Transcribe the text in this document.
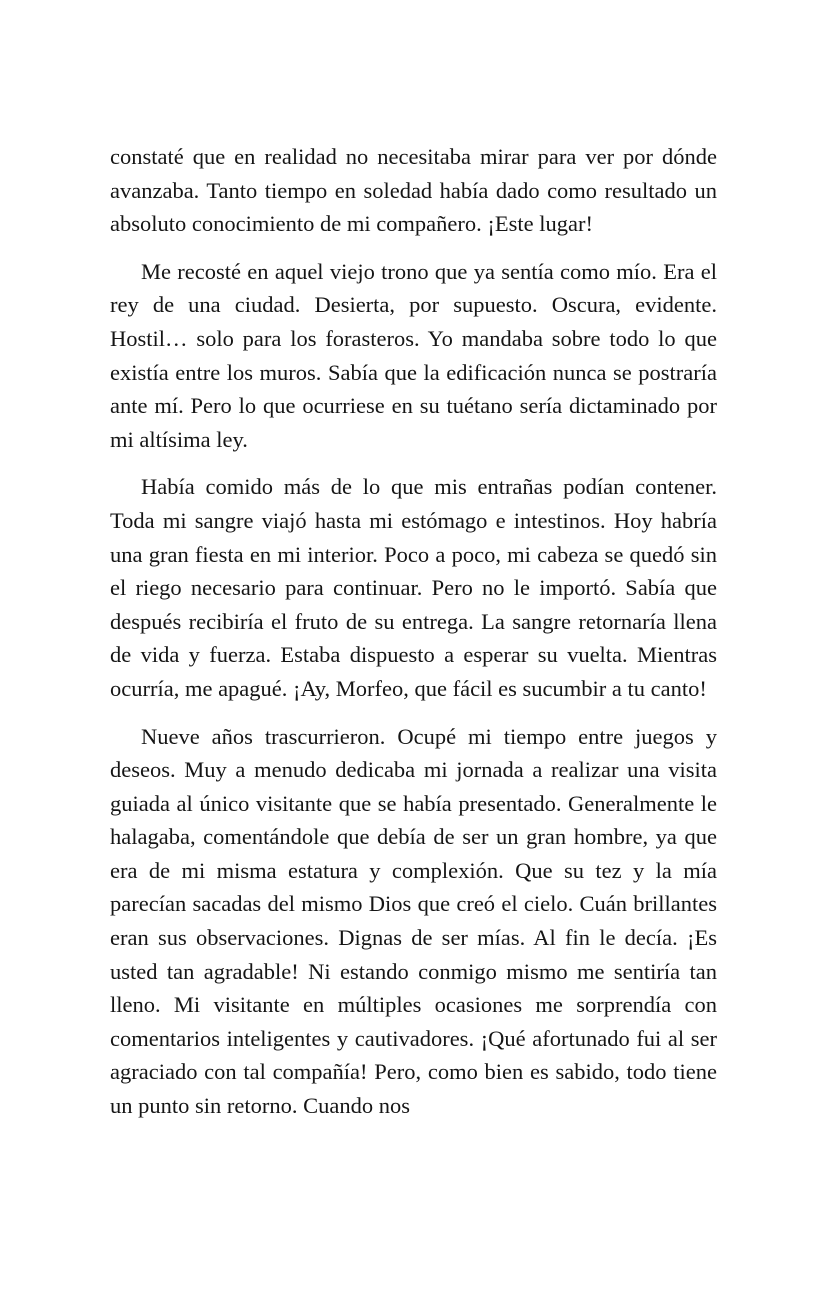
constaté que en realidad no necesitaba mirar para ver por dónde avanzaba. Tanto tiempo en soledad había dado como resultado un absoluto conocimiento de mi compañero. ¡Este lugar!

Me recosté en aquel viejo trono que ya sentía como mío. Era el rey de una ciudad. Desierta, por supuesto. Oscura, evidente. Hostil… solo para los forasteros. Yo mandaba sobre todo lo que existía entre los muros. Sabía que la edificación nunca se postraría ante mí. Pero lo que ocurriese en su tuétano sería dictaminado por mi altísima ley.

Había comido más de lo que mis entrañas podían contener. Toda mi sangre viajó hasta mi estómago e intestinos. Hoy habría una gran fiesta en mi interior. Poco a poco, mi cabeza se quedó sin el riego necesario para continuar. Pero no le importó. Sabía que después recibiría el fruto de su entrega. La sangre retornaría llena de vida y fuerza. Estaba dispuesto a esperar su vuelta. Mientras ocurría, me apagué. ¡Ay, Morfeo, que fácil es sucumbir a tu canto!

Nueve años trascurrieron. Ocupé mi tiempo entre juegos y deseos. Muy a menudo dedicaba mi jornada a realizar una visita guiada al único visitante que se había presentado. Generalmente le halagaba, comentándole que debía de ser un gran hombre, ya que era de mi misma estatura y complexión. Que su tez y la mía parecían sacadas del mismo Dios que creó el cielo. Cuán brillantes eran sus observaciones. Dignas de ser mías. Al fin le decía. ¡Es usted tan agradable! Ni estando conmigo mismo me sentiría tan lleno. Mi visitante en múltiples ocasiones me sorprendía con comentarios inteligentes y cautivadores. ¡Qué afortunado fui al ser agraciado con tal compañía! Pero, como bien es sabido, todo tiene un punto sin retorno. Cuando nos
